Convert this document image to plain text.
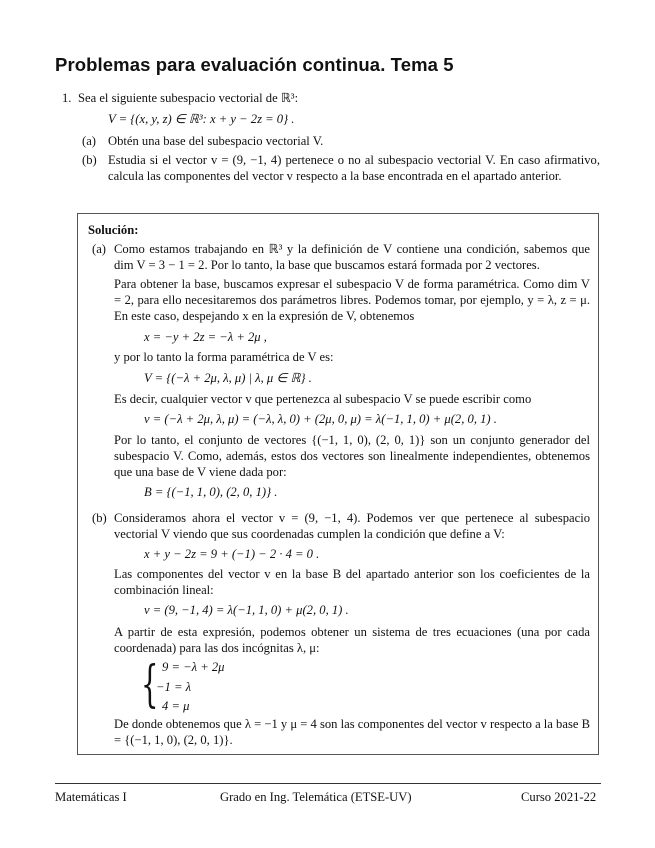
Problemas para evaluación continua. Tema 5
1. Sea el siguiente subespacio vectorial de ℝ³:
V = {(x, y, z) ∈ ℝ³: x + y − 2z = 0} .
(a) Obtén una base del subespacio vectorial V.
(b) Estudia si el vector v = (9, −1, 4) pertenece o no al subespacio vectorial V. En caso afirmativo, calcula las componentes del vector v respecto a la base encontrada en el apartado anterior.
Solución:
(a) Como estamos trabajando en ℝ³ y la definición de V contiene una condición, sabemos que dim V = 3 − 1 = 2. Por lo tanto, la base que buscamos estará formada por 2 vectores.
Para obtener la base, buscamos expresar el subespacio V de forma paramétrica. Como dim V = 2, para ello necesitaremos dos parámetros libres. Podemos tomar, por ejemplo, y = λ, z = μ. En este caso, despejando x en la expresión de V, obtenemos
x = −y + 2z = −λ + 2μ ,
y por lo tanto la forma paramétrica de V es:
V = {(−λ + 2μ, λ, μ) | λ, μ ∈ ℝ} .
Es decir, cualquier vector v que pertenezca al subespacio V se puede escribir como
v = (−λ + 2μ, λ, μ) = (−λ, λ, 0) + (2μ, 0, μ) = λ(−1, 1, 0) + μ(2, 0, 1) .
Por lo tanto, el conjunto de vectores {(−1, 1, 0), (2, 0, 1)} son un conjunto generador del subespacio V. Como, además, estos dos vectores son linealmente independientes, obtenemos que una base de V viene dada por:
B = {(−1, 1, 0), (2, 0, 1)} .
(b) Consideramos ahora el vector v = (9, −1, 4). Podemos ver que pertenece al subespacio vectorial V viendo que sus coordenadas cumplen la condición que define a V:
x + y − 2z = 9 + (−1) − 2 · 4 = 0 .
Las componentes del vector v en la base B del apartado anterior son los coeficientes de la combinación lineal:
v = (9, −1, 4) = λ(−1, 1, 0) + μ(2, 0, 1) .
A partir de esta expresión, podemos obtener un sistema de tres ecuaciones (una por cada coordenada) para las dos incógnitas λ, μ:
{ 9 = −λ + 2μ
−1 = λ
4 = μ
De donde obtenemos que λ = −1 y μ = 4 son las componentes del vector v respecto a la base B = {(−1, 1, 0), (2, 0, 1)}.
Matemáticas I	Grado en Ing. Telemática (ETSE-UV)	Curso 2021-22
